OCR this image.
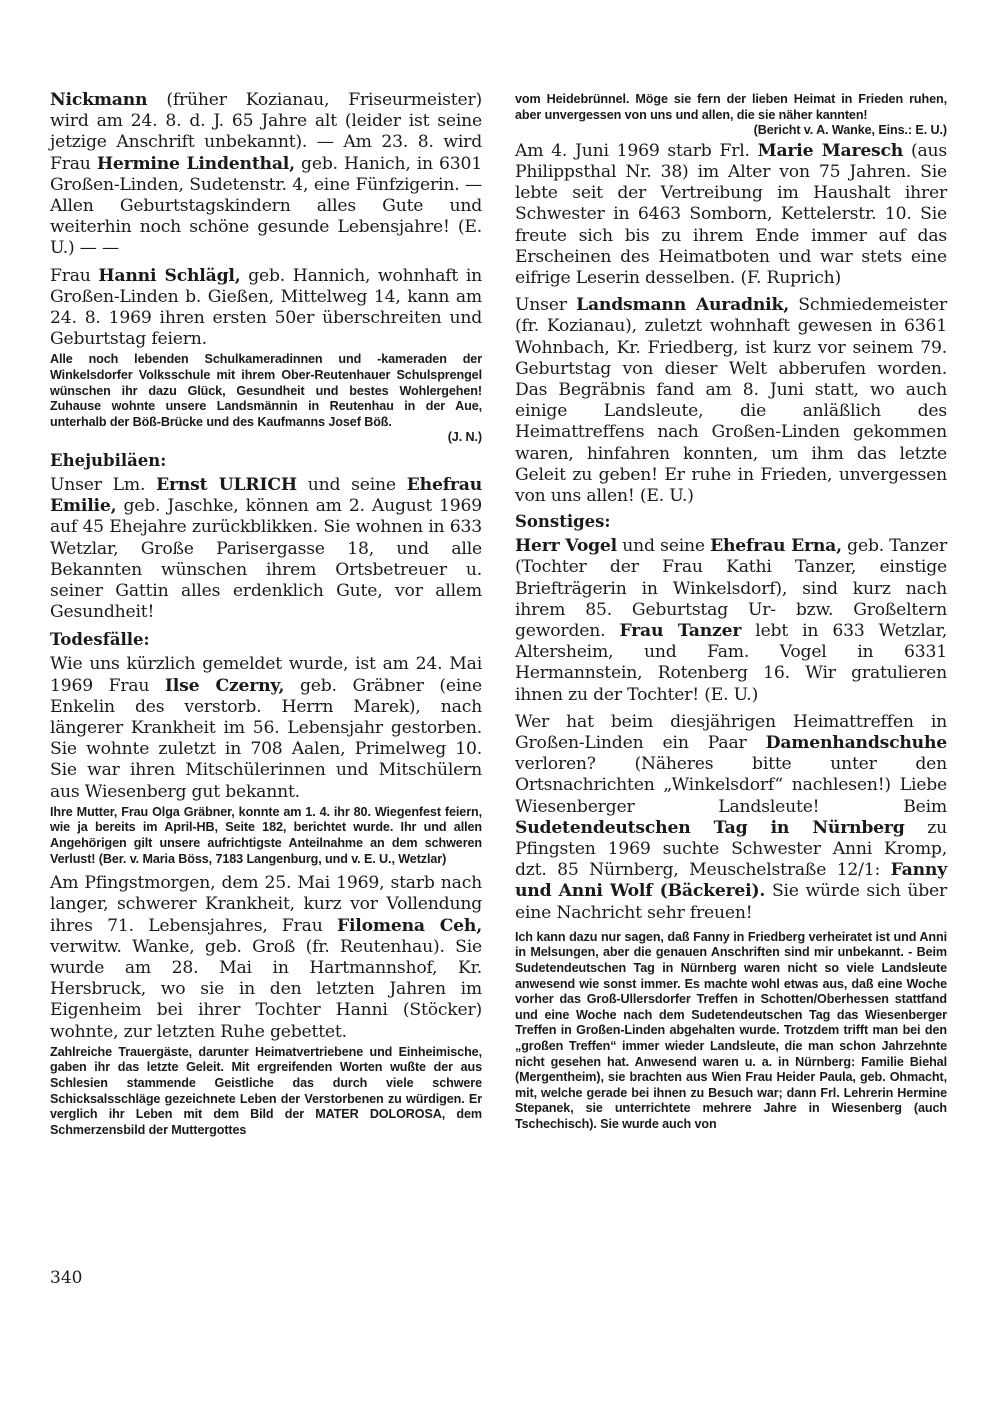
Nickmann (früher Kozianau, Friseurmeister) wird am 24. 8. d. J. 65 Jahre alt (leider ist seine jetzige Anschrift unbekannt). — Am 23. 8. wird Frau Hermine Lindenthal, geb. Hanich, in 6301 Großen-Linden, Sudetenstr. 4, eine Fünfzigerin. — Allen Geburtstagskindern alles Gute und weiterhin noch schöne gesunde Lebensjahre! (E. U.) — —

Frau Hanni Schlägl, geb. Hannich, wohnhaft in Großen-Linden b. Gießen, Mittelweg 14, kann am 24. 8. 1969 ihren ersten 50er überschreiten und Geburtstag feiern.

Alle noch lebenden Schulkameradinnen und -kameraden der Winkelsdorfer Volksschule mit ihrem Ober-Reutenhauer Schulsprengel wünschen ihr dazu Glück, Gesundheit und bestes Wohlergehen! Zuhause wohnte unsere Landsmännin in Reutenhau in der Aue, unterhalb der Böß-Brücke und des Kaufmanns Josef Böß.

(J. N.)

Ehejubiläen:

Unser Lm. Ernst ULRICH und seine Ehefrau Emilie, geb. Jaschke, können am 2. August 1969 auf 45 Ehejahre zurückblikken. Sie wohnen in 633 Wetzlar, Große Parisergasse 18, und alle Bekannten wünschen ihrem Ortsbetreuer u. seiner Gattin alles erdenklich Gute, vor allem Gesundheit!

Todesfälle:

Wie uns kürzlich gemeldet wurde, ist am 24. Mai 1969 Frau Ilse Czerny, geb. Gräbner (eine Enkelin des verstorb. Herrn Marek), nach längerer Krankheit im 56. Lebensjahr gestorben. Sie wohnte zuletzt in 708 Aalen, Primelweg 10. Sie war ihren Mitschülerinnen und Mitschülern aus Wiesenberg gut bekannt.

Ihre Mutter, Frau Olga Gräbner, konnte am 1. 4. ihr 80. Wiegenfest feiern, wie ja bereits im April-HB, Seite 182, berichtet wurde. Ihr und allen Angehörigen gilt unsere aufrichtigste Anteilnahme an dem schweren Verlust! (Ber. v. Maria Böss, 7183 Langenburg, und v. E. U., Wetzlar)

Am Pfingstmorgen, dem 25. Mai 1969, starb nach langer, schwerer Krankheit, kurz vor Vollendung ihres 71. Lebensjahres, Frau Filomena Ceh, verwitw. Wanke, geb. Groß (fr. Reutenhau). Sie wurde am 28. Mai in Hartmannshof, Kr. Hersbruck, wo sie in den letzten Jahren im Eigenheim bei ihrer Tochter Hanni (Stöcker) wohnte, zur letzten Ruhe gebettet.

Zahlreiche Trauergäste, darunter Heimatvertriebene und Einheimische, gaben ihr das letzte Geleit. Mit ergreifenden Worten wußte der aus Schlesien stammende Geistliche das durch viele schwere Schicksalsschläge gezeichnete Leben der Verstorbenen zu würdigen. Er verglich ihr Leben mit dem Bild der MATER DOLOROSA, dem Schmerzensbild der Muttergottes

vom Heidebrünnel. Möge sie fern der lieben Heimat in Frieden ruhen, aber unvergessen von uns und allen, die sie näher kannten!

(Bericht v. A. Wanke, Eins.: E. U.)

Am 4. Juni 1969 starb Frl. Marie Maresch (aus Philippsthal Nr. 38) im Alter von 75 Jahren. Sie lebte seit der Vertreibung im Haushalt ihrer Schwester in 6463 Somborn, Kettelerstr. 10. Sie freute sich bis zu ihrem Ende immer auf das Erscheinen des Heimatboten und war stets eine eifrige Leserin desselben. (F. Ruprich)

Unser Landsmann Auradnik, Schmiedemeister (fr. Kozianau), zuletzt wohnhaft gewesen in 6361 Wohnbach, Kr. Friedberg, ist kurz vor seinem 79. Geburtstag von dieser Welt abberufen worden. Das Begräbnis fand am 8. Juni statt, wo auch einige Landsleute, die anläßlich des Heimattreffens nach Großen-Linden gekommen waren, hinfahren konnten, um ihm das letzte Geleit zu geben! Er ruhe in Frieden, unvergessen von uns allen! (E. U.)

Sonstiges:

Herr Vogel und seine Ehefrau Erna, geb. Tanzer (Tochter der Frau Kathi Tanzer, einstige Briefträgerin in Winkelsdorf), sind kurz nach ihrem 85. Geburtstag Ur- bzw. Großeltern geworden. Frau Tanzer lebt in 633 Wetzlar, Altersheim, und Fam. Vogel in 6331 Hermannstein, Rotenberg 16. Wir gratulieren ihnen zu der Tochter! (E. U.)

Wer hat beim diesjährigen Heimattreffen in Großen-Linden ein Paar Damenhandschuhe verloren? (Näheres bitte unter den Ortsnachrichten „Winkelsdorf“ nachlesen!) Liebe Wiesenberger Landsleute! Beim Sudetendeutschen Tag in Nürnberg zu Pfingsten 1969 suchte Schwester Anni Kromp, dzt. 85 Nürnberg, Meuschelstraße 12/1: Fanny und Anni Wolf (Bäckerei). Sie würde sich über eine Nachricht sehr freuen!

Ich kann dazu nur sagen, daß Fanny in Friedberg verheiratet ist und Anni in Melsungen, aber die genauen Anschriften sind mir unbekannt. - Beim Sudetendeutschen Tag in Nürnberg waren nicht so viele Landsleute anwesend wie sonst immer. Es machte wohl etwas aus, daß eine Woche vorher das Groß-Ullersdorfer Treffen in Schotten/Oberhessen stattfand und eine Woche nach dem Sudetendeutschen Tag das Wiesenberger Treffen in Großen-Linden abgehalten wurde. Trotzdem trifft man bei den „großen Treffen“ immer wieder Landsleute, die man schon Jahrzehnte nicht gesehen hat. Anwesend waren u. a. in Nürnberg: Familie Biehal (Mergentheim), sie brachten aus Wien Frau Heider Paula, geb. Ohmacht, mit, welche gerade bei ihnen zu Besuch war; dann Frl. Lehrerin Hermine Stepanek, sie unterrichtete mehrere Jahre in Wiesenberg (auch Tschechisch). Sie wurde auch von

340
